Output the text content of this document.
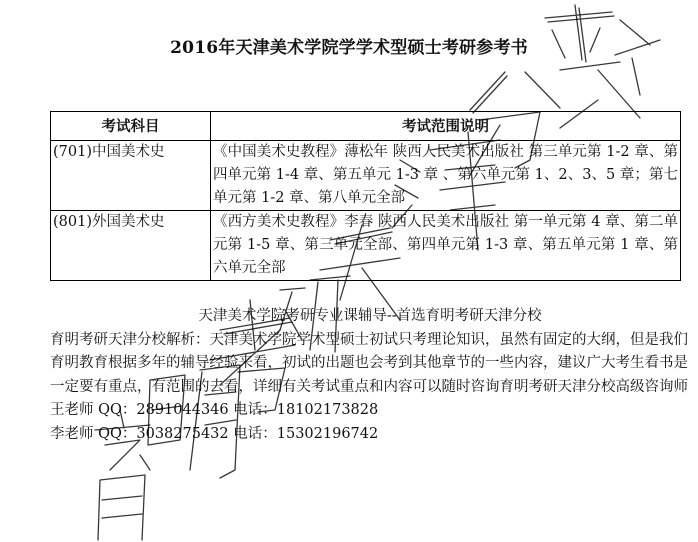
2016年天津美术学院学学术型硕士考研参考书
考试科目	考试范围说明
(701)中国美术史	《中国美术史教程》薄松年 陕西人民美术出版社 第三单元第 1-2 章、第四单元第 1-4 章、第五单元 1-3 章 、第六单元第 1、2、3、5 章；第七单元第 1-2 章、第八单元全部
(801)外国美术史	《西方美术史教程》李春 陕西人民美术出版社 第一单元第 4 章、第二单元第 1-5 章、第三单元全部、第四单元第 1-3 章、第五单元第 1 章、第六单元全部

天津美术学院考研专业课辅导--首选育明考研天津分校

育明考研天津分校解析：天津美术学院学术型硕士初试只考理论知识，虽然有固定的大纲，但是我们育明教育根据多年的辅导经验来看，初试的出题也会考到其他章节的一些内容，建议广大考生看书是一定要有重点，有范围的去看，详细有关考试重点和内容可以随时咨询育明考研天津分校高级咨询师

王老师 QQ：2891044346 电话：18102173828

李老师 QQ：3038275432 电话：15302196742
